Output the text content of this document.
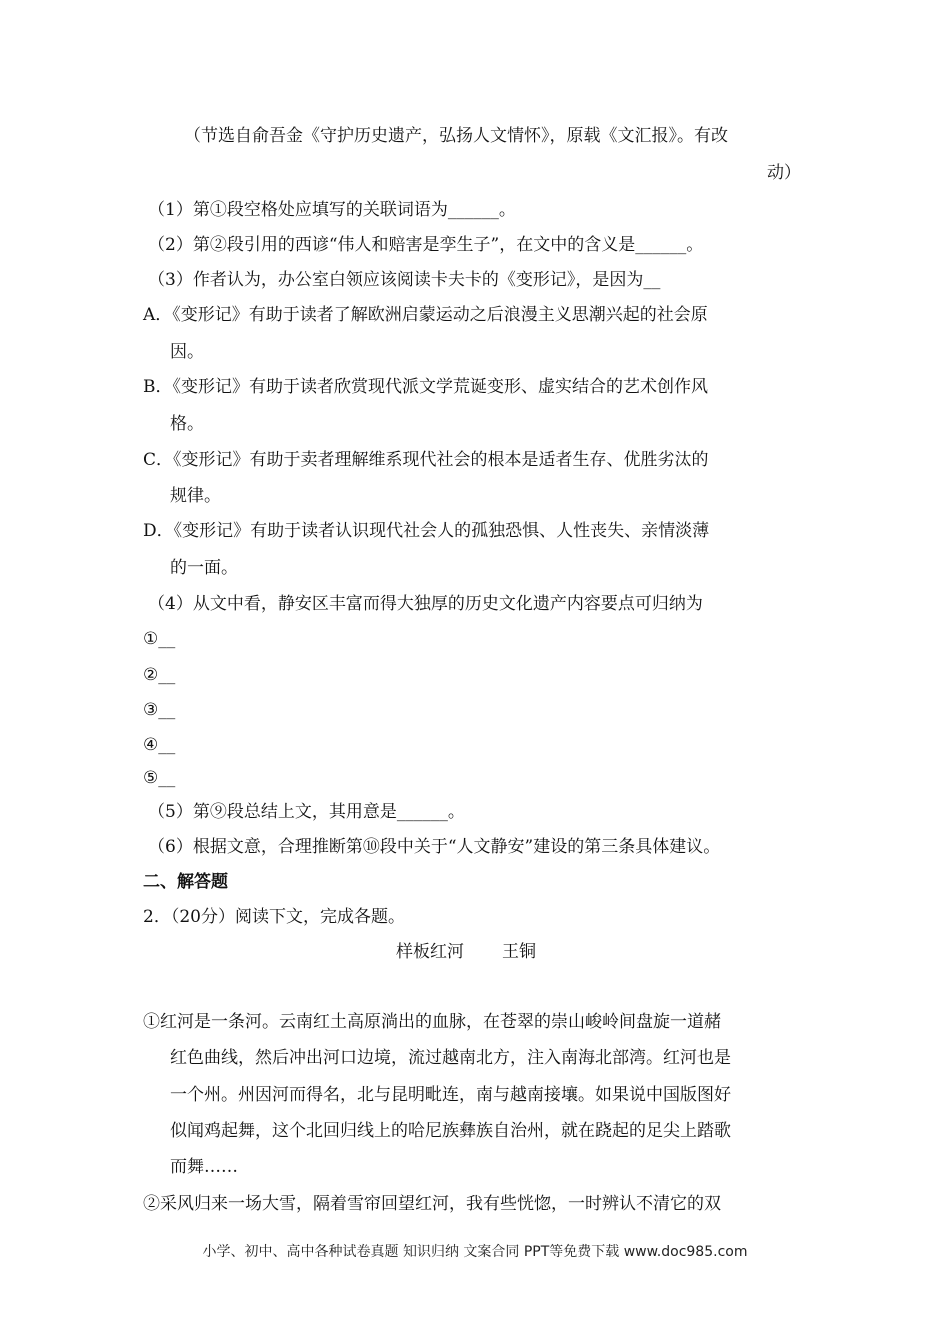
（节选自俞吾金《守护历史遗产，弘扬人文情怀》，原载《文汇报》。有改
动）
（1）第①段空格处应填写的关联词语为______。
（2）第②段引用的西谚“伟人和赔害是孪生子”，在文中的含义是______。
（3）作者认为，办公室白领应该阅读卡夫卡的《变形记》，是因为__
A．《变形记》有助于读者了解欧洲启蒙运动之后浪漫主义思潮兴起的社会原
因。
B．《变形记》有助于读者欣赏现代派文学荒诞变形、虚实结合的艺术创作风
格。
C．《变形记》有助于卖者理解维系现代社会的根本是适者生存、优胜劣汰的
规律。
D．《变形记》有助于读者认识现代社会人的孤独恐惧、人性丧失、亲情淡薄
的一面。
（4）从文中看，静安区丰富而得大独厚的历史文化遗产内容要点可归纳为
①__
②__
③__
④__
⑤__
（5）第⑨段总结上文，其用意是______。
（6）根据文意，合理推断第⑩段中关于“人文静安”建设的第三条具体建议。
二、解答题
2．（20分）阅读下文，完成各题。
样板红河 王铜
①红河是一条河。云南红土高原淌出的血脉，在苍翠的崇山峻岭间盘旋一道赭
红色曲线，然后冲出河口边境，流过越南北方，注入南海北部湾。红河也是
一个州。州因河而得名，北与昆明毗连，南与越南接壤。如果说中国版图好
似闻鸡起舞，这个北回归线上的哈尼族彝族自治州，就在跷起的足尖上踏歌
而舞……
②采风归来一场大雪，隔着雪帘回望红河，我有些恍惚，一时辨认不清它的双
小学、初中、高中各种试卷真题 知识归纳 文案合同 PPT等免费下载 www.doc985.com
